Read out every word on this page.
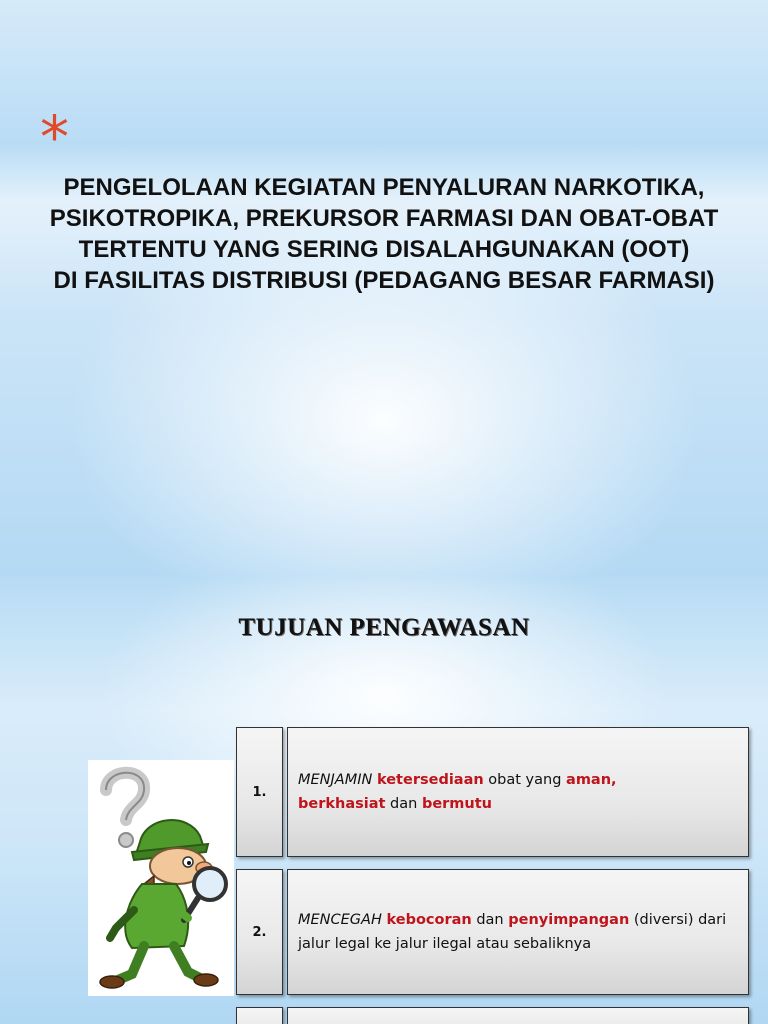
*
PENGELOLAAN KEGIATAN PENYALURAN NARKOTIKA,
PSIKOTROPIKA, PREKURSOR FARMASI DAN OBAT-OBAT
TERTENTU YANG SERING DISALAHGUNAKAN (OOT)
DI FASILITAS DISTRIBUSI (PEDAGANG BESAR FARMASI)
TUJUAN PENGAWASAN
1.

MENJAMIN ketersediaan obat yang aman,
berkhasiat dan bermutu

2.

MENCEGAH kebocoran dan penyimpangan (diversi) dari jalur legal ke jalur ilegal atau sebaliknya
